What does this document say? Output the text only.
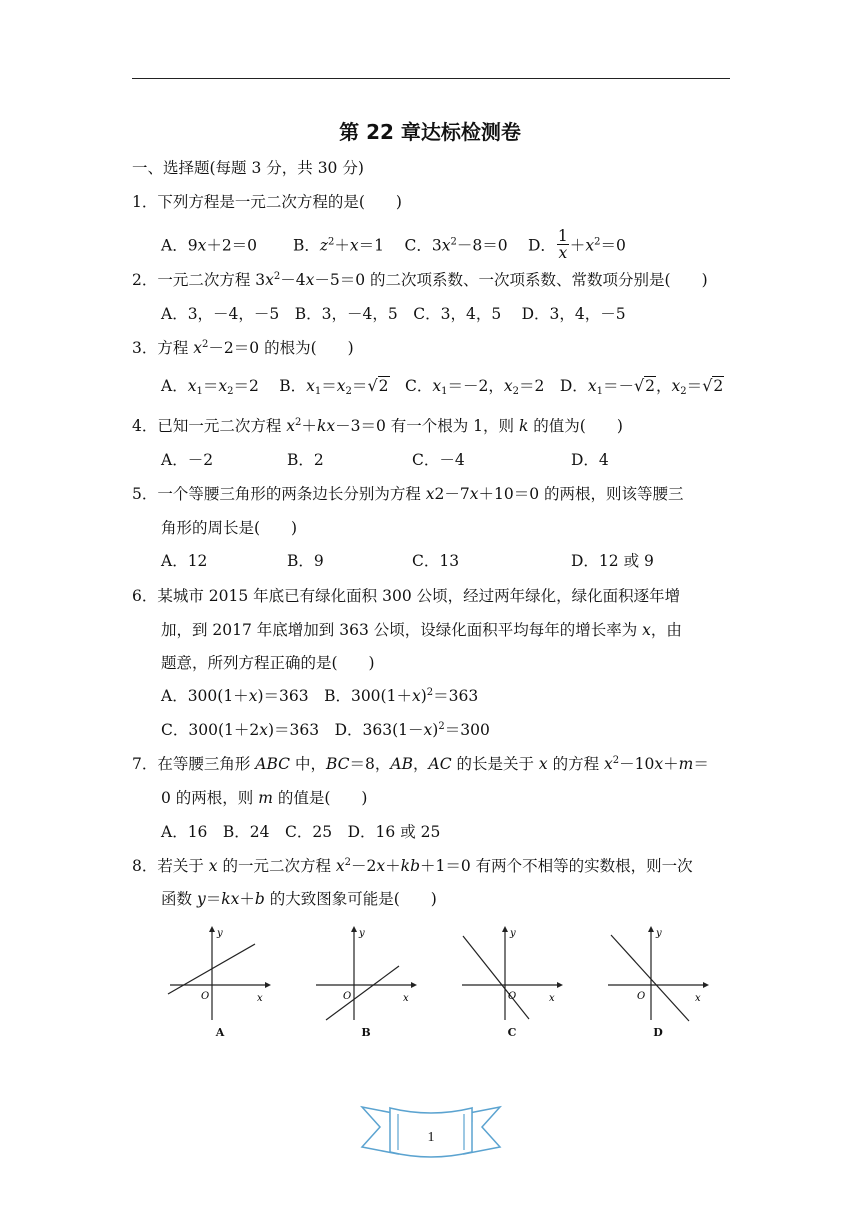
第 22 章达标检测卷
一、选择题(每题 3 分，共 30 分)
1．下列方程是一元二次方程的是(　　)
A．9x＋2＝0　　 B．$z^2+x=1$　 C．$3x^2-8=0$　 D． $\frac{1}{x} +x^2=0$
2．一元二次方程 $3x^2-4x-5=0$ 的二次项系数、一次项系数、常数项分别是(　　)
A．3，－4，－5　B．3，－4，5　C．3，4，5　 D．3，4，－5
3．方程 $x^2-2=0$ 的根为(　　)
A．$x_1=x_2=2$　 B．$x_1=x_2=√2$　C．$x_1=-2$，$x_2=2$　D．$x_1=-√2$，$x_2=√2$
4．已知一元二次方程 $x^2+kx-3=0$ 有一个根为 1，则 k 的值为(　　)
A．－2	B．2	C．－4	D．4
5．一个等腰三角形的两条边长分别为方程 x2－7x＋10＝0 的两根，则该等腰三
角形的周长是(　　)
A．12	B．9	C．13	D．12 或 9
6．某城市 2015 年底已有绿化面积 300 公顷，经过两年绿化，绿化面积逐年增
加，到 2017 年底增加到 363 公顷，设绿化面积平均每年的增长率为 x，由
题意，所列方程正确的是(　　)
A．300(1＋x)＝363　B．$300(1+x)^2=363$
C．300(1＋2x)＝363　D．$363(1-x)^2=300$
7．在等腰三角形 ABC 中，BC＝8，AB，AC 的长是关于 x 的方程 $x^2-10x+m=$
0 的两根，则 m 的值是(　　)
A．16　B．24　C．25　D．16 或 25
8．若关于 x 的一元二次方程 $x^2-2x+kb+1=0$ 有两个不相等的实数根，则一次
函数 y＝kx＋b 的大致图象可能是(　　)
O	x
y
A
O	x
y
B
O	x
y
C
O	x
y
D
1
